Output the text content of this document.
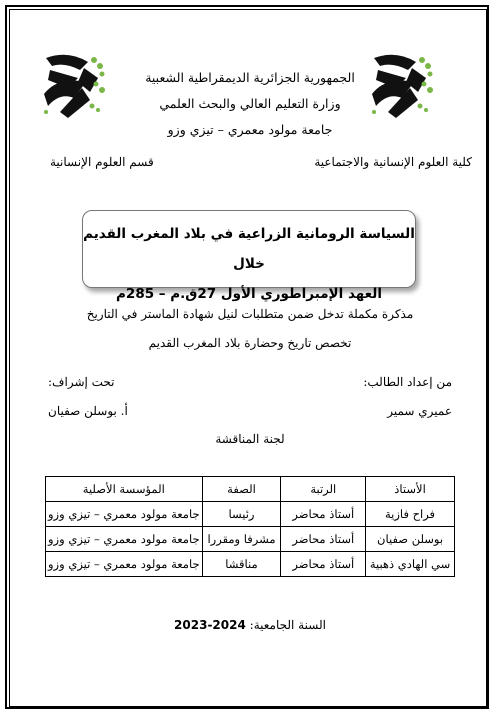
الجمهورية الجزائرية الديمقراطية الشعبية
وزارة التعليم العالي والبحث العلمي
جامعة مولود معمري – تيزي وزو
كلية العلوم الإنسانية والاجتماعية
قسم العلوم الإنسانية
السياسة الرومانية الزراعية في بلاد المغرب القديم خلال
العهد الإمبراطوري الأول 27ق.م – 285م
مذكرة مكملة تدخل ضمن متطلبات لنيل شهادة الماستر في التاريخ
تخصص تاريخ وحضارة بلاد المغرب القديم
من إعداد الطالب:
تحت إشراف:
عميري سمير
أ. بوسلن صفيان
لجنة المناقشة
الأستاذ	الرتبة	الصفة	المؤسسة الأصلية
فراح فازية	أستاذ محاضر	رئيسا	جامعة مولود معمري – تيزي وزو
بوسلن صفيان	أستاذ محاضر	مشرفا ومقررا	جامعة مولود معمري – تيزي وزو
سي الهادي ذهبية	أستاذ محاضر	مناقشا	جامعة مولود معمري – تيزي وزو
السنة الجامعية: 2023-2024
